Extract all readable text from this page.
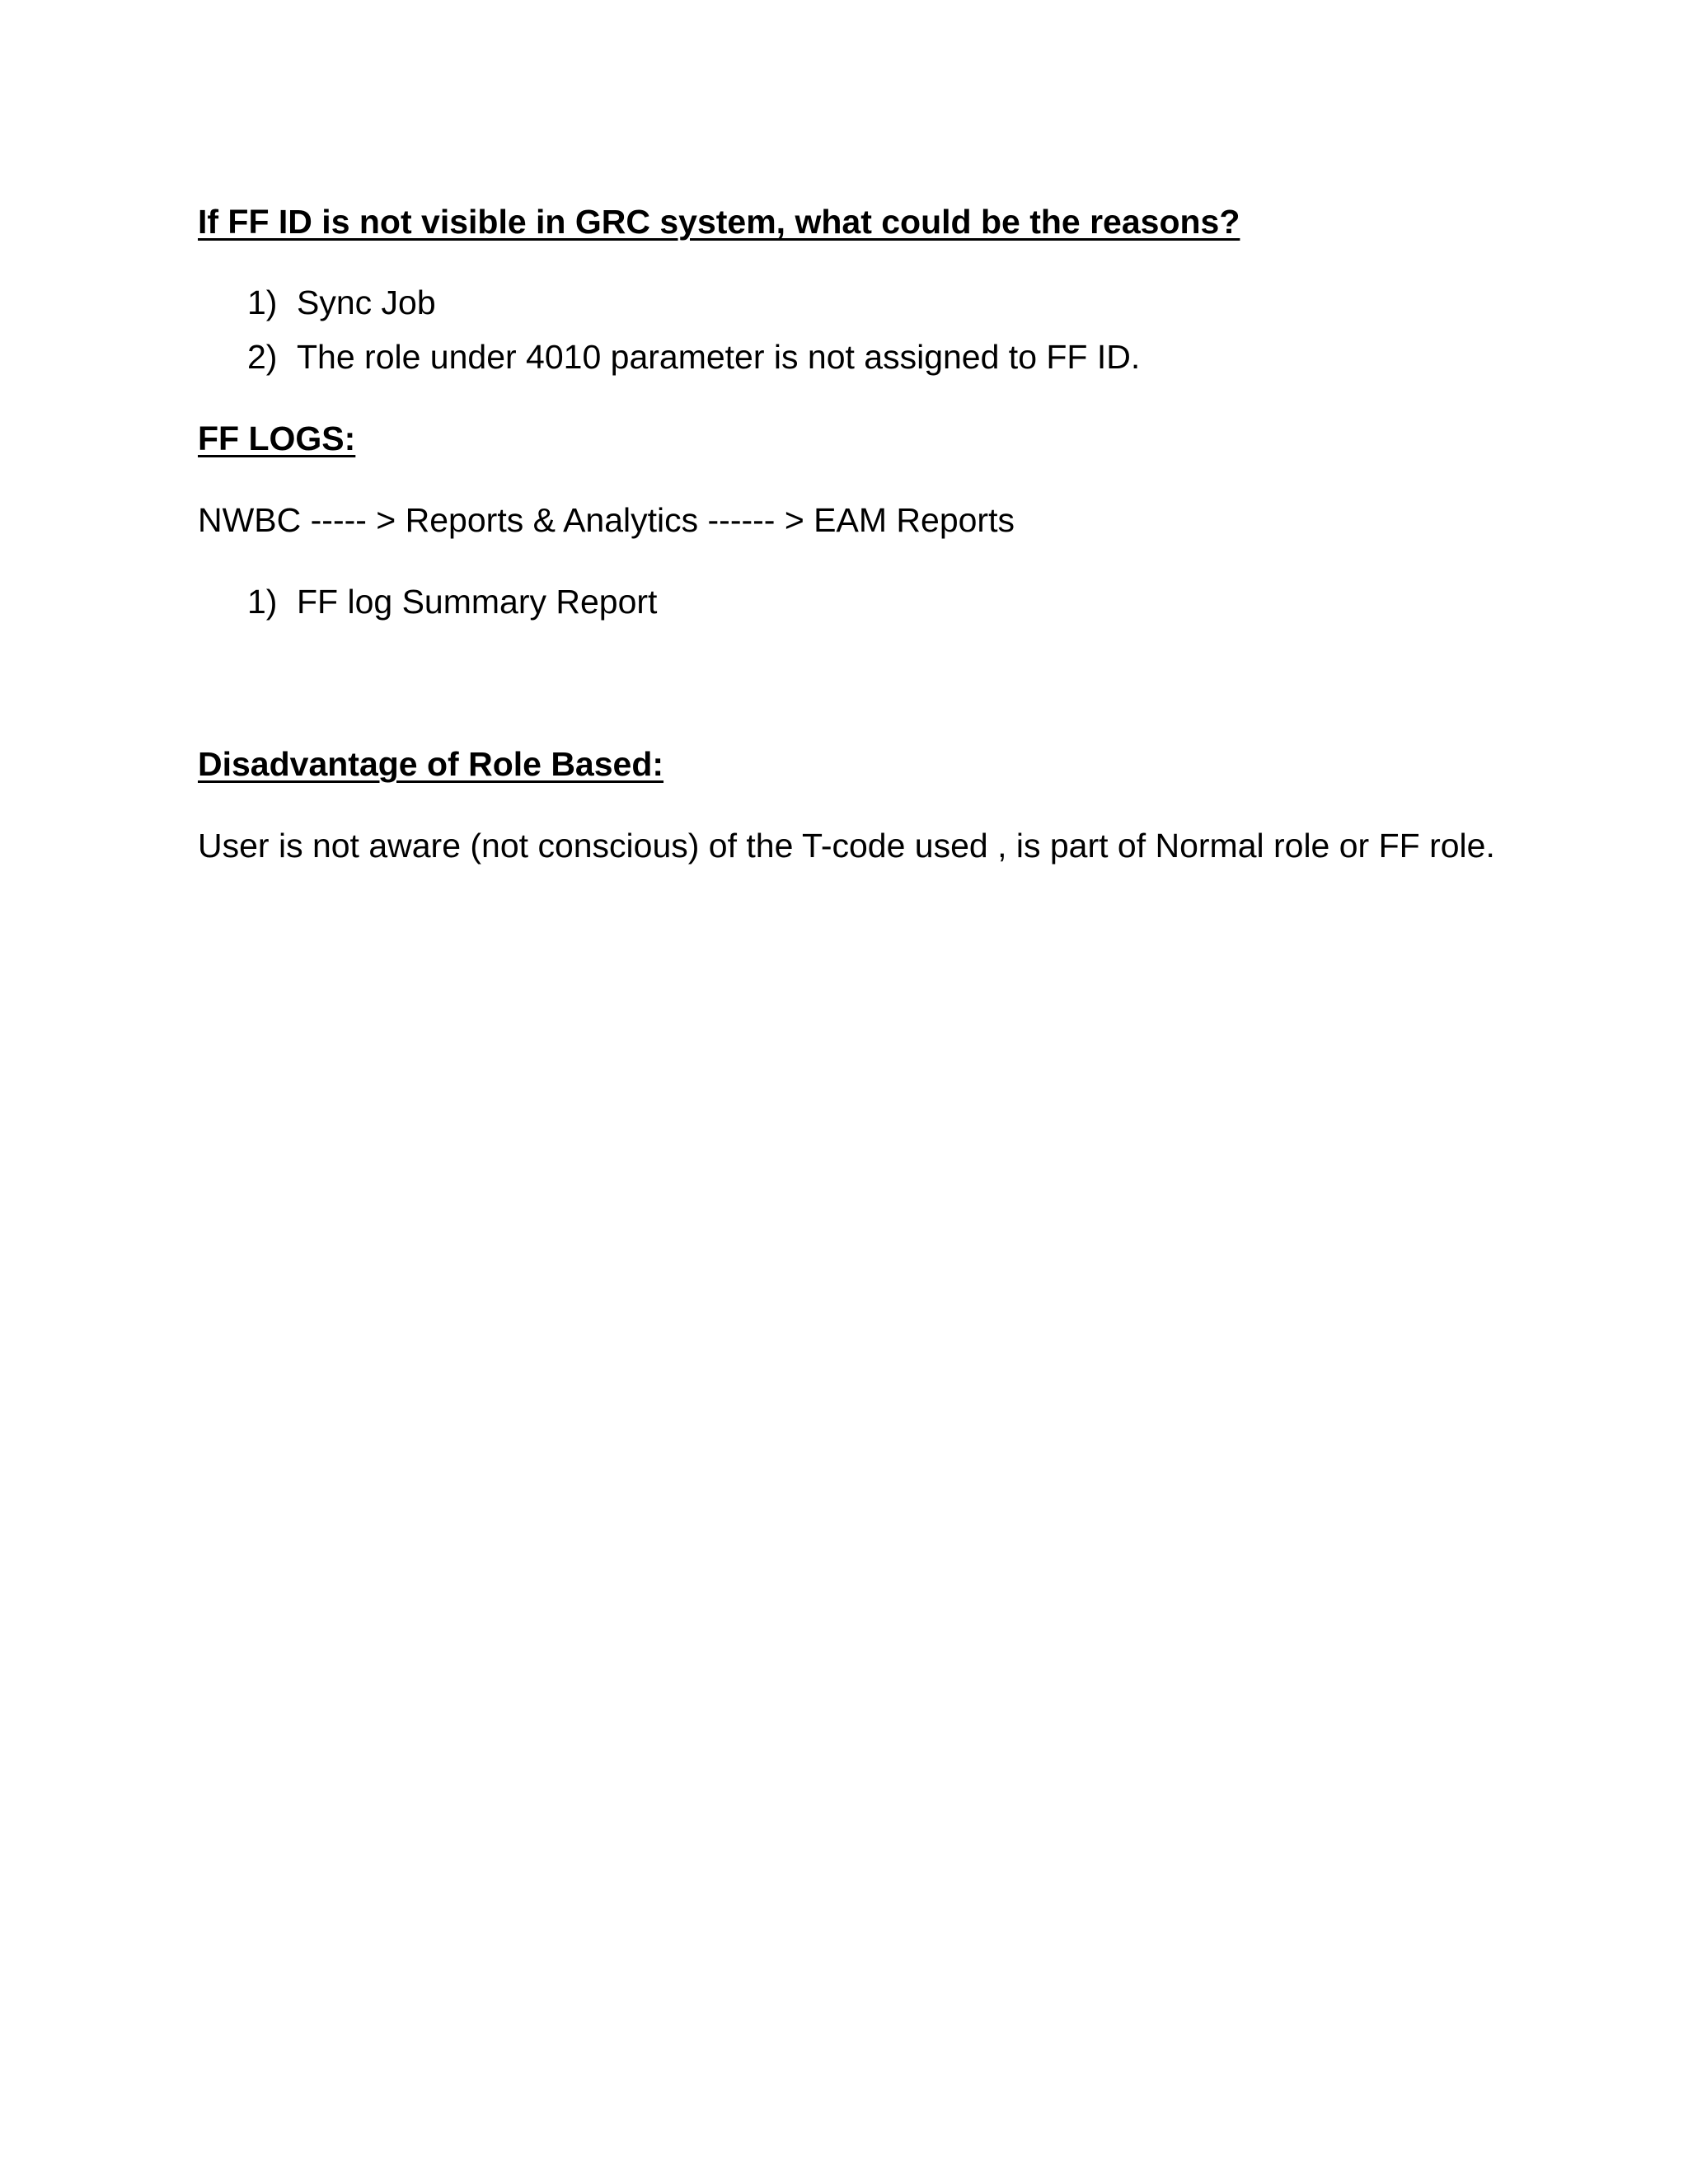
If FF ID is not visible in GRC system, what could be the reasons?
1) Sync Job
2) The role under 4010 parameter is not assigned to FF ID.
FF LOGS:

NWBC ----- > Reports & Analytics ------ > EAM Reports

1) FF log Summary Report
Disadvantage of Role Based:

User is not aware (not conscious) of the T-code used , is part of Normal role or FF role.
